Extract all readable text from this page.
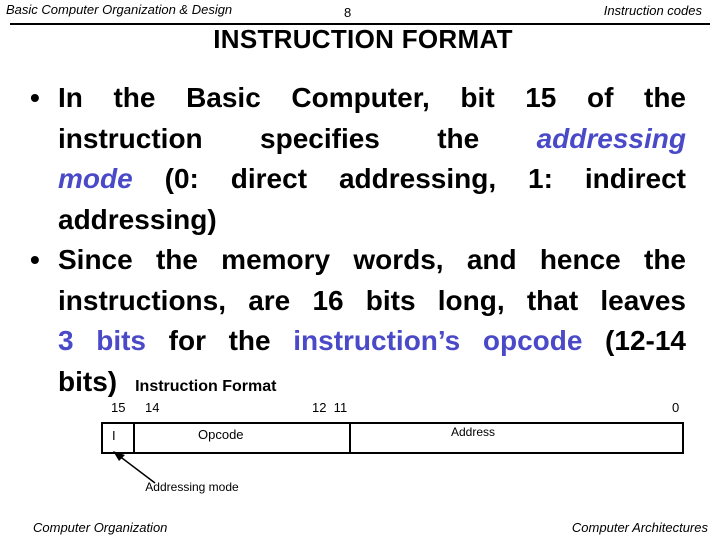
Basic Computer Organization & Design	8	Instruction codes
INSTRUCTION FORMAT
• In the Basic Computer, bit 15 of the
instruction specifies the addressing
mode (0: direct addressing, 1: indirect
addressing)
• Since the memory words, and hence the
instructions, are 16 bits long, that leaves
3 bits for the instruction’s opcode (12-14
bits) Instruction Format
15 14	12  11	0
I	Opcode	Address
Addressing mode
Computer Organization	Computer Architectures
